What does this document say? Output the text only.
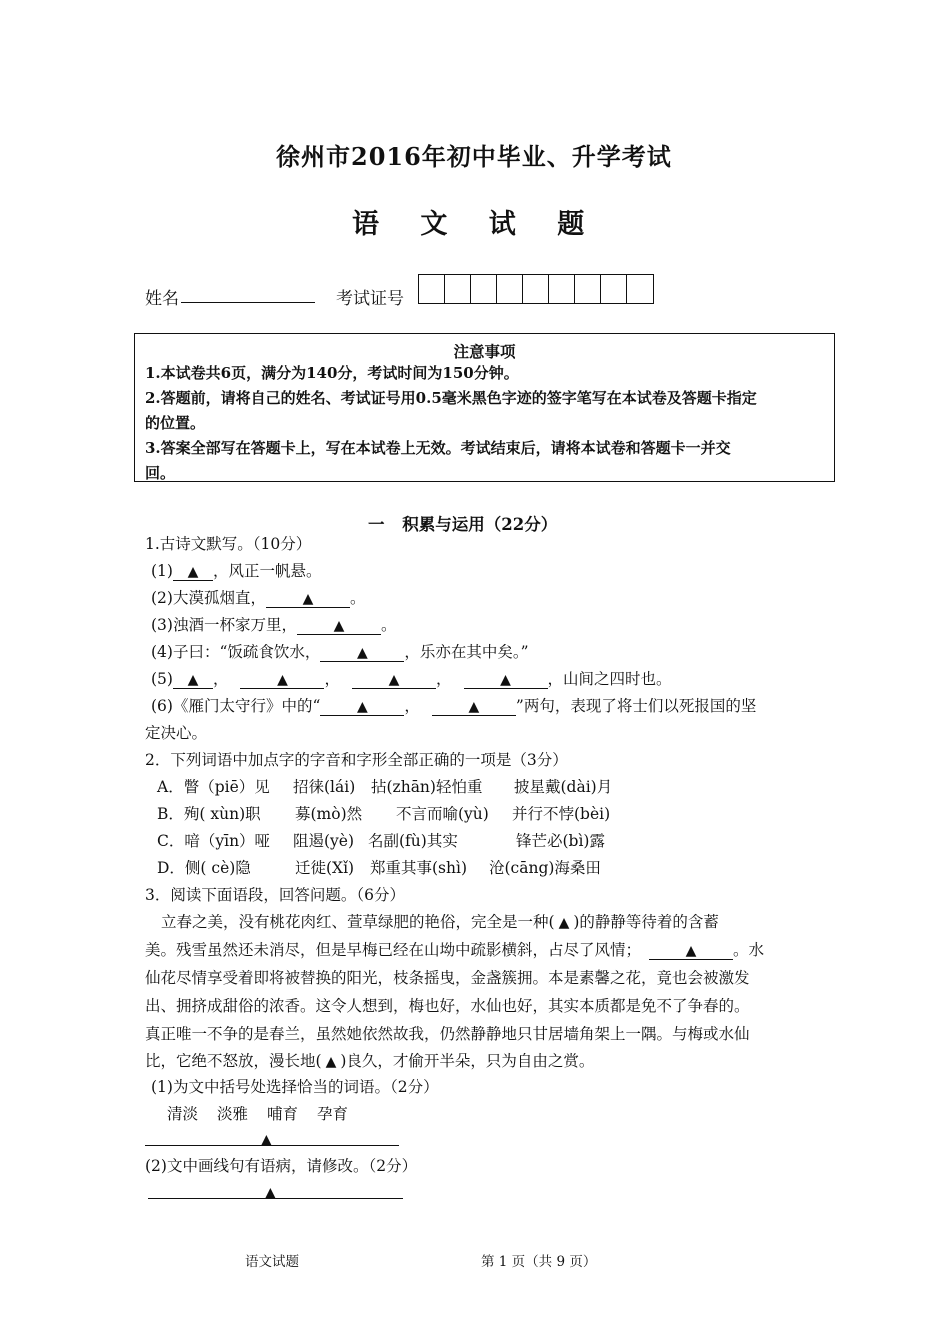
徐州市2016年初中毕业、升学考试
语 文 试 题
姓名	考试证号
注意事项
1.本试卷共6页，满分为140分，考试时间为150分钟。
2.答题前，请将自己的姓名、考试证号用0.5毫米黑色字迹的签字笔写在本试卷及答题卡指定
的位置。
3.答案全部写在答题卡上，写在本试卷上无效。考试结束后，请将本试卷和答题卡一并交
回。
一 积累与运用（22分）
1.古诗文默写。（10分）
(1) ▲ ，风正一帆悬。
(2)大漠孤烟直，	▲ 。
(3)浊酒一杯家万里，	▲ 。
(4)子曰：“饭疏食饮水，	▲ ，乐亦在其中矣。”
(5) ▲ ，	▲ ，	▲ ，	▲ ，山间之四时也。
(6)《雁门太守行》中的“	▲ ，	▲ ”两句，表现了将士们以死报国的坚
定决心。
2．下列词语中加点字的字音和字形全部正确的一项是（3分）
A．瞥（piē）见 招徕(lái) 拈(zhān)轻怕重 披星戴(dài)月
B．殉( xùn)职 募(mò)然 不言而喻(yù) 并行不悖(bèi)
C．喑（yīn）哑 阻遏(yè) 名副(fù)其实	锋芒必(bì)露
D．侧( cè)隐	迁徙(Xǐ) 郑重其事(shì) 沧(cāng)海桑田
3．阅读下面语段，回答问题。（6分）
立春之美，没有桃花肉红、萱草绿肥的艳俗，完全是一种( ▲ )的静静等待着的含蓄
美。残雪虽然还未消尽，但是早梅已经在山坳中疏影横斜，占尽了风情；	▲ 。水
仙花尽情享受着即将被替换的阳光，枝条摇曳，金盏簇拥。本是素馨之花，竟也会被激发
出、拥挤成甜俗的浓香。这令人想到，梅也好，水仙也好，其实本质都是免不了争春的。
真正唯一不争的是春兰，虽然她依然故我，仍然静静地只甘居墙角架上一隅。与梅或水仙
比，它绝不怒放，漫长地( ▲ )良久，才偷开半朵，只为自由之赏。
(1)为文中括号处选择恰当的词语。（2分）
清淡 淡雅 哺育 孕育
▲
(2)文中画线句有语病，请修改。（2分）
▲
语文试题	第 1 页（共 9 页）
